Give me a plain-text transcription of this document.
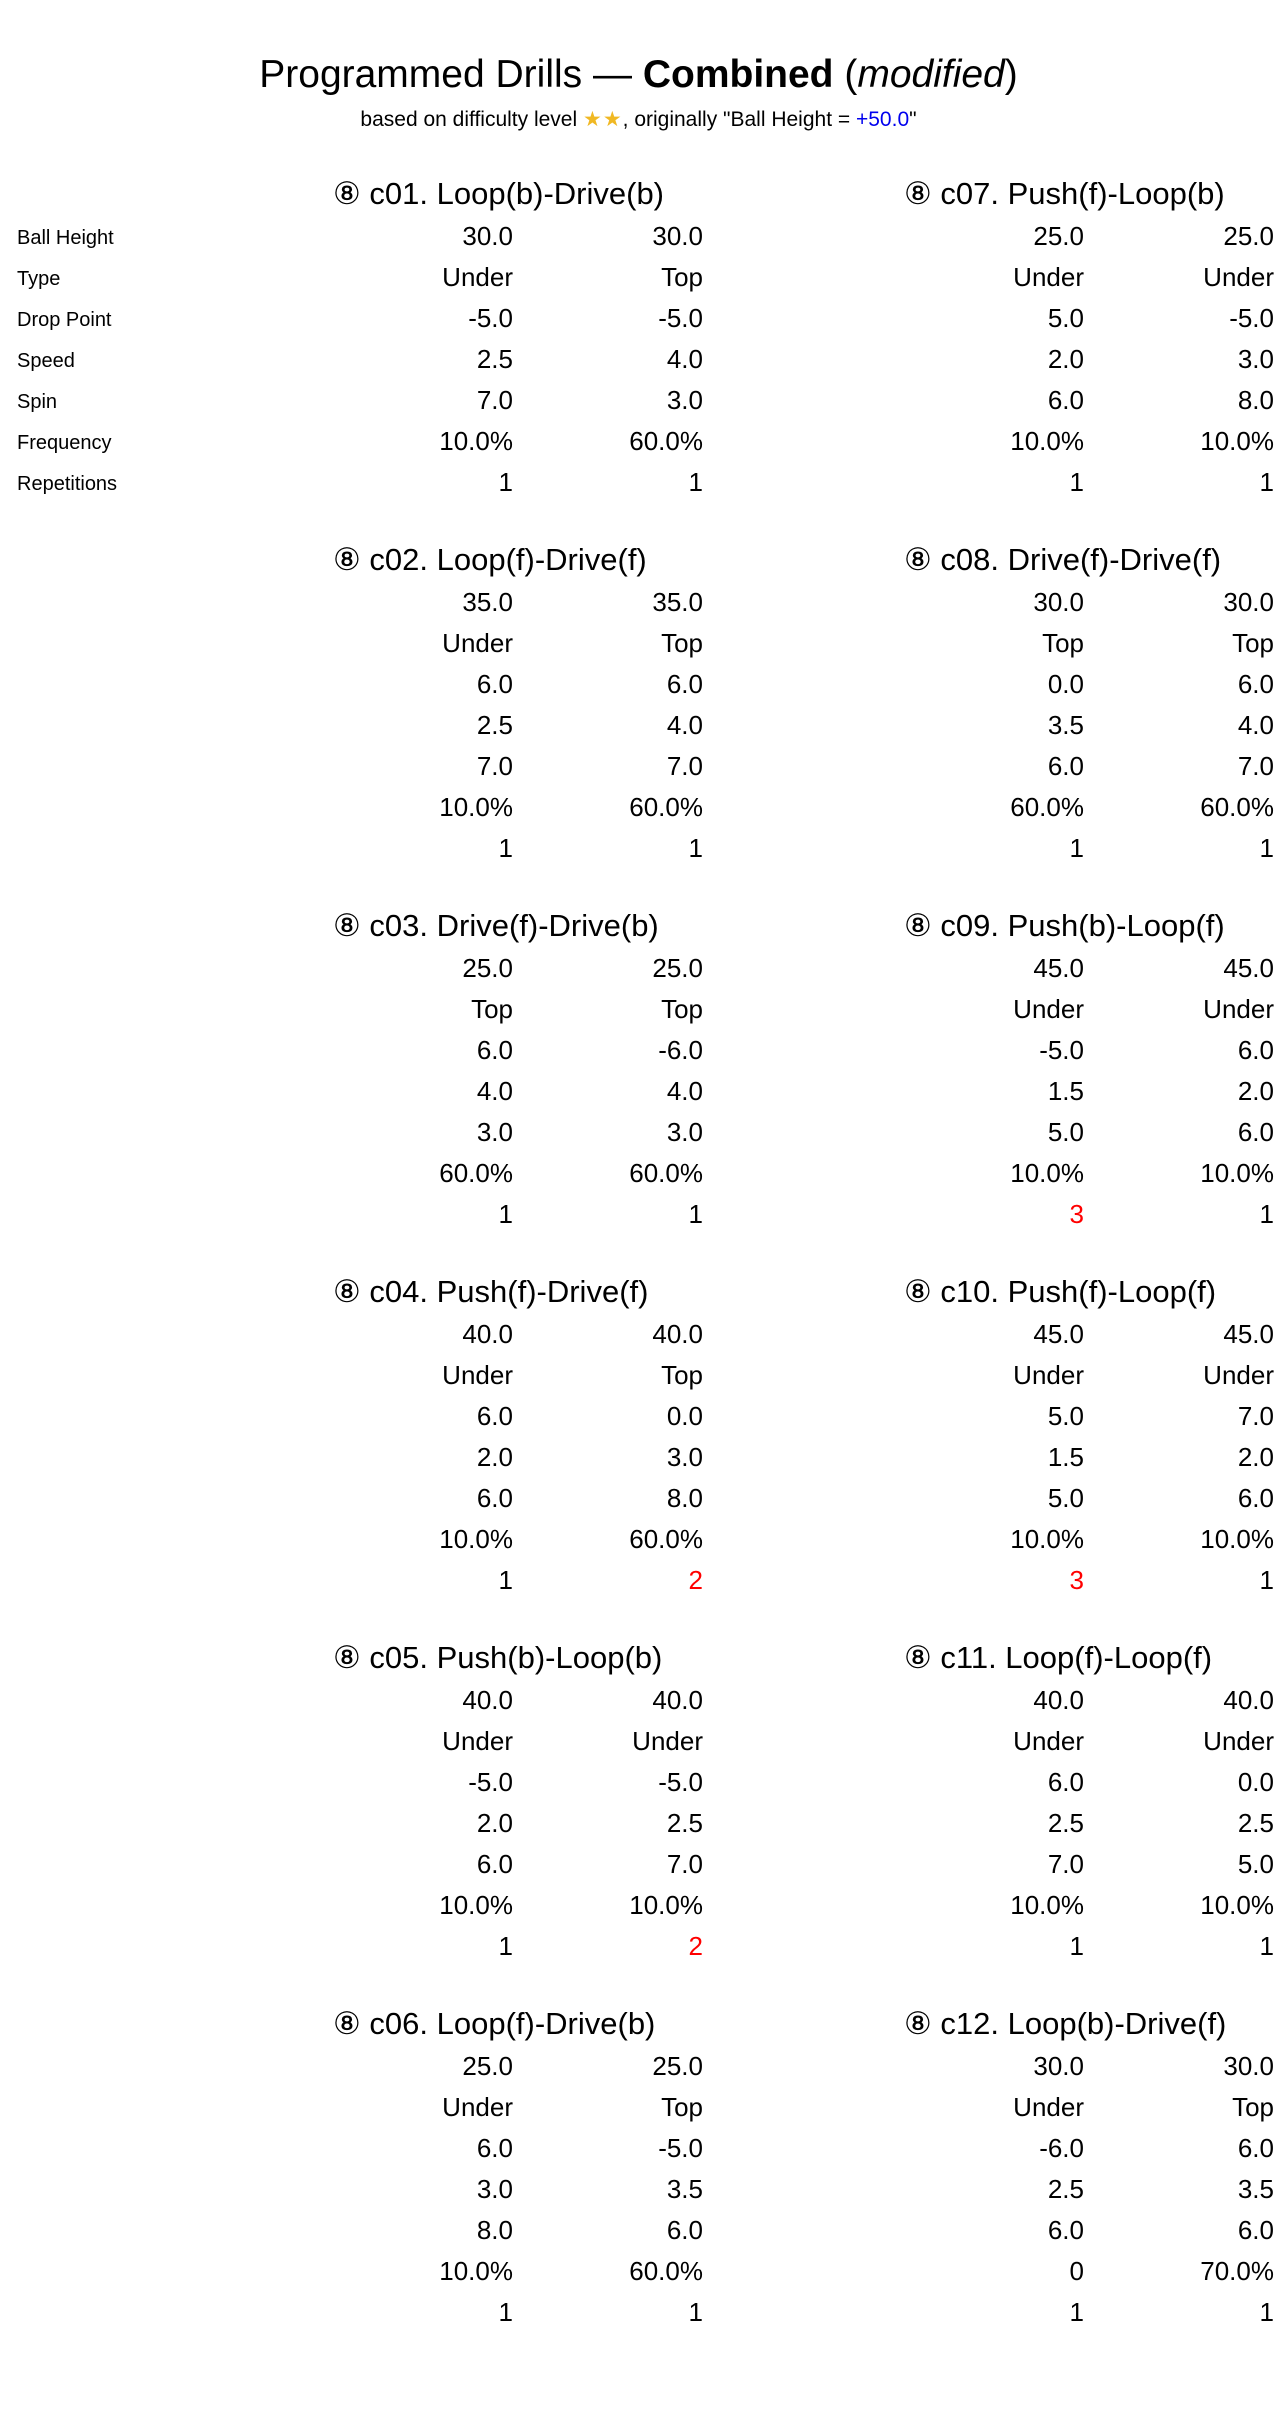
Programmed Drills — Combined (modified)
based on difficulty level ★★, originally "Ball Height = +50.0"
Ball Height
Type
Drop Point
Speed
Spin
Frequency
Repetitions
⑧ c01. Loop(b)-Drive(b)
30.0
Under
-5.0
2.5
7.0
10.0%
1
30.0
Top
-5.0
4.0
3.0
60.0%
1
⑧ c02. Loop(f)-Drive(f)
35.0
Under
6.0
2.5
7.0
10.0%
1
35.0
Top
6.0
4.0
7.0
60.0%
1
⑧ c03. Drive(f)-Drive(b)
25.0
Top
6.0
4.0
3.0
60.0%
1
25.0
Top
-6.0
4.0
3.0
60.0%
1
⑧ c04. Push(f)-Drive(f)
40.0
Under
6.0
2.0
6.0
10.0%
1
40.0
Top
0.0
3.0
8.0
60.0%
2
⑧ c05. Push(b)-Loop(b)
40.0
Under
-5.0
2.0
6.0
10.0%
1
40.0
Under
-5.0
2.5
7.0
10.0%
2
⑧ c06. Loop(f)-Drive(b)
25.0
Under
6.0
3.0
8.0
10.0%
1
25.0
Top
-5.0
3.5
6.0
60.0%
1
⑧ c07. Push(f)-Loop(b)
25.0
Under
5.0
2.0
6.0
10.0%
1
25.0
Under
-5.0
3.0
8.0
10.0%
1
⑧ c08. Drive(f)-Drive(f)
30.0
Top
0.0
3.5
6.0
60.0%
1
30.0
Top
6.0
4.0
7.0
60.0%
1
⑧ c09. Push(b)-Loop(f)
45.0
Under
-5.0
1.5
5.0
10.0%
3
45.0
Under
6.0
2.0
6.0
10.0%
1
⑧ c10. Push(f)-Loop(f)
45.0
Under
5.0
1.5
5.0
10.0%
3
45.0
Under
7.0
2.0
6.0
10.0%
1
⑧ c11. Loop(f)-Loop(f)
40.0
Under
6.0
2.5
7.0
10.0%
1
40.0
Under
0.0
2.5
5.0
10.0%
1
⑧ c12. Loop(b)-Drive(f)
30.0
Under
-6.0
2.5
6.0
0
1
30.0
Top
6.0
3.5
6.0
70.0%
1
